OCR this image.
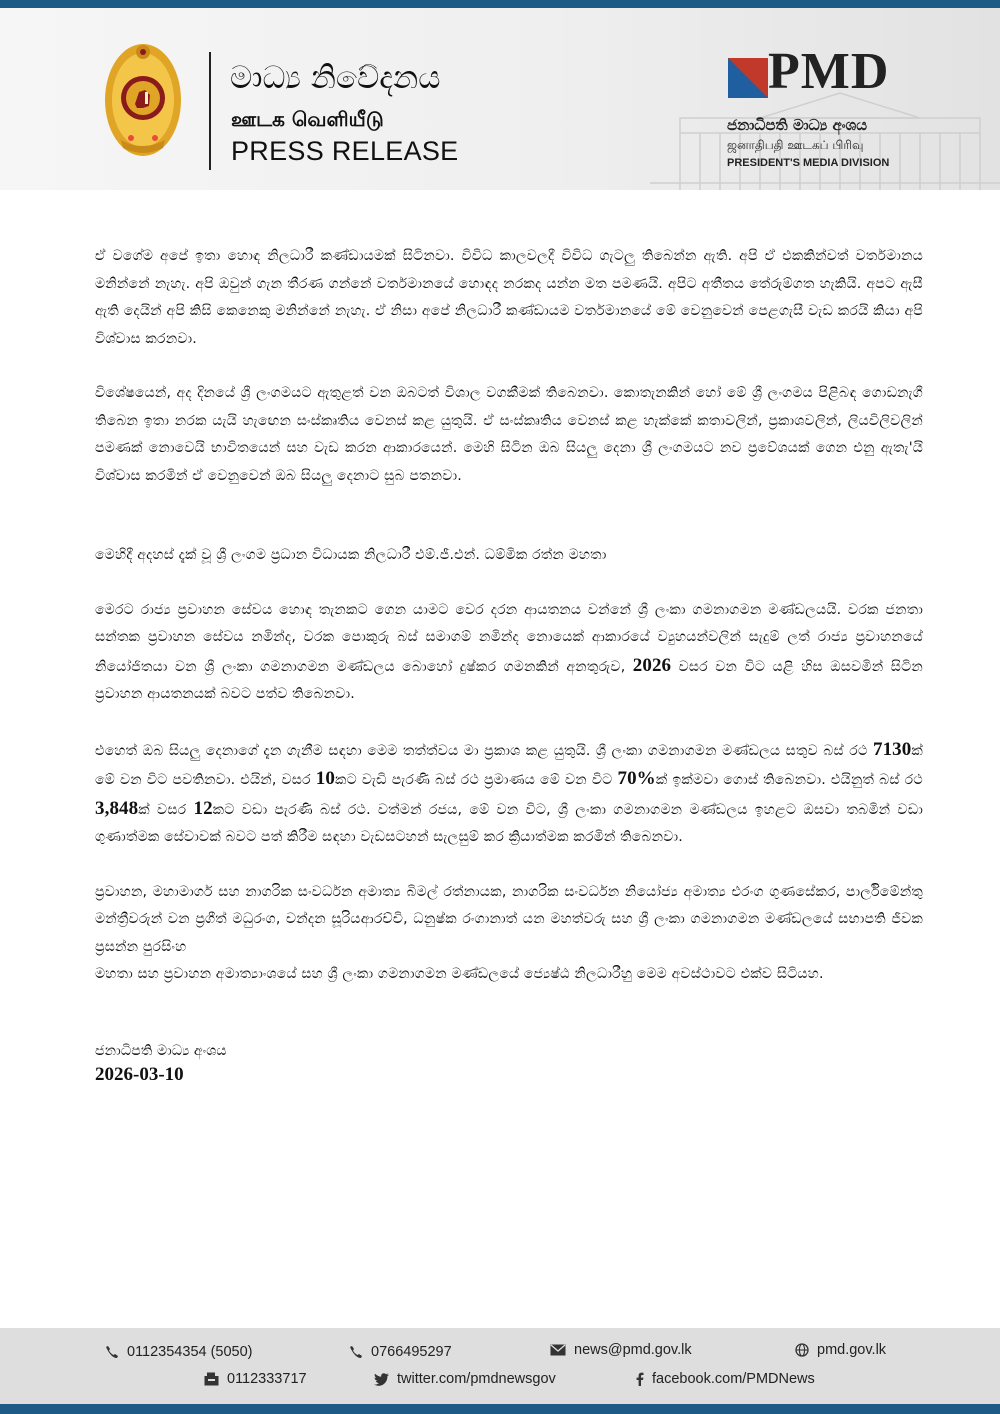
මාධ්‍ය නිවේදනය
ஊடக வெளியீடு
PRESS RELEASE
PMD
ජනාධිපති මාධ්‍ය අංශය
ஜனாதிபதி ஊடகப் பிரிவு
PRESIDENT'S MEDIA DIVISION

ඒ වගේම අපේ ඉතා හොඳ නිලධාරී කණ්ඩායමක් සිටිනවා. විවිධ කාලවලදී විවිධ ගැටලු තිබෙන්න ඇති. අපි ඒ එකකින්වත් වර්තමානය මනින්නේ නැහැ. අපි ඔවුන් ගැන තීරණ ගන්නේ වර්තමානයේ හොඳද නරකද යන්න මත පමණයි. අපිට අතීතය තේරුම්ගත හැකියි. අපට ඇසී ඇති දෙයින් අපි කිසි කෙනෙකු මනින්නේ නැහැ. ඒ නිසා අපේ නිලධාරී කණ්ඩායම වර්තමානයේ මේ වෙනුවෙන් පෙළගැසී වැඩ කරයි කියා අපි විශ්වාස කරනවා.

විශේෂයෙන්, අද දිනයේ ශ්‍රී ලංගමයට ඇතුළත් වන ඔබටත් විශාල වගකීමක් තිබෙනවා. කොතැනකින් හෝ මේ ශ්‍රී ලංගමය පිළිබඳ ගොඩනැගී තිබෙන ඉතා නරක යැයි හැඟෙන සංස්කෘතිය වෙනස් කළ යුතුයි. ඒ සංස්කෘතිය වෙනස් කළ හැක්කේ කතාවලින්, ප්‍රකාශවලින්, ලියවිලිවලින් පමණක් නොවෙයි භාවිතයෙන් සහ වැඩ කරන ආකාරයෙන්. මෙහි සිටින ඔබ සියලු දෙනා ශ්‍රී ලංගමයට නව ප්‍රවේශයක් ගෙන එනු ඇතැ'යි විශ්වාස කරමින් ඒ වෙනුවෙන් ඔබ සියලු දෙනාට සුබ පතනවා.

මෙහිදී අදහස් දැක් වූ ශ්‍රී ලංගම ප්‍රධාන විධායක නිලධාරී එම්.ජී.එන්. ධම්මික රත්න මහතා

මෙරට රාජ්‍ය ප්‍රවාහන සේවය හොඳ තැනකට ගෙන යාමට වෙර දරන ආයතනය වන්නේ ශ්‍රී ලංකා ගමනාගමන මණ්ඩලයයි. වරක ජනතා සන්තක ප්‍රවාහන සේවය නමින්ද, වරක පොකුරු බස් සමාගම් නමින්ද නොයෙක් ආකාරයේ ව්‍යුහයන්වලින් සැදුම් ලත් රාජ්‍ය ප්‍රවාහනයේ නියෝජිතයා වන ශ්‍රී ලංකා ගමනාගමන මණ්ඩලය බොහෝ දුෂ්කර ගමනකින් අනතුරුව, 2026 වසර වන විට යළි හිස ඔසවමින් සිටින ප්‍රවාහන ආයතනයක් බවට පත්ව තිබෙනවා.

එහෙත් ඔබ සියලු දෙනාගේ දැන ගැනීම සඳහා මෙම තත්ත්වය මා ප්‍රකාශ කළ යුතුයි. ශ්‍රී ලංකා ගමනාගමන මණ්ඩලය සතුව බස් රථ 7130ක් මේ වන විට පවතිනවා. එයින්, වසර 10කට වැඩි පැරණි බස් රථ ප්‍රමාණය මේ වන විට 70%ක් ඉක්මවා ගොස් තිබෙනවා. එයිනුත් බස් රථ 3,848ක් වසර 12කට වඩා පැරණි බස් රථ. වත්මන් රජය, මේ වන විට, ශ්‍රී ලංකා ගමනාගමන මණ්ඩලය ඉහළට ඔසවා තබමින් වඩා ගුණාත්මක සේවාවක් බවට පත් කිරීම සඳහා වැඩසටහන් සැලසුම් කර ක්‍රියාත්මක කරමින් තිබෙනවා.

ප්‍රවාහන, මහාමාර්ග සහ නාගරික සංවර්ධන අමාත්‍ය බිමල් රත්නායක, නාගරික සංවර්ධන නියෝජ්‍ය අමාත්‍ය එරංග ගුණසේකර, පාර්ලිමේන්තු මන්ත්‍රීවරුන් වන ප්‍රගීත් මධුරංග, චන්දන සූරියආරච්චි, ධනුෂ්ක රංගානාත් යන මහත්වරු සහ ශ්‍රී ලංකා ගමනාගමන මණ්ඩලයේ සභාපති ජීවක ප්‍රසන්න පුරසිංහ
මහතා සහ ප්‍රවාහන අමාත්‍යාංශයේ සහ ශ්‍රී ලංකා ගමනාගමන මණ්ඩලයේ ජ්‍යෙෂ්ඨ නිලධාරීහු මෙම අවස්ථාවට එක්ව සිටියහ.

ජනාධිපති මාධ්‍ය අංශය
2026-03-10
0112354354 (5050)	0766495297	news@pmd.gov.lk	pmd.gov.lk
0112333717	twitter.com/pmdnewsgov	facebook.com/PMDNews
